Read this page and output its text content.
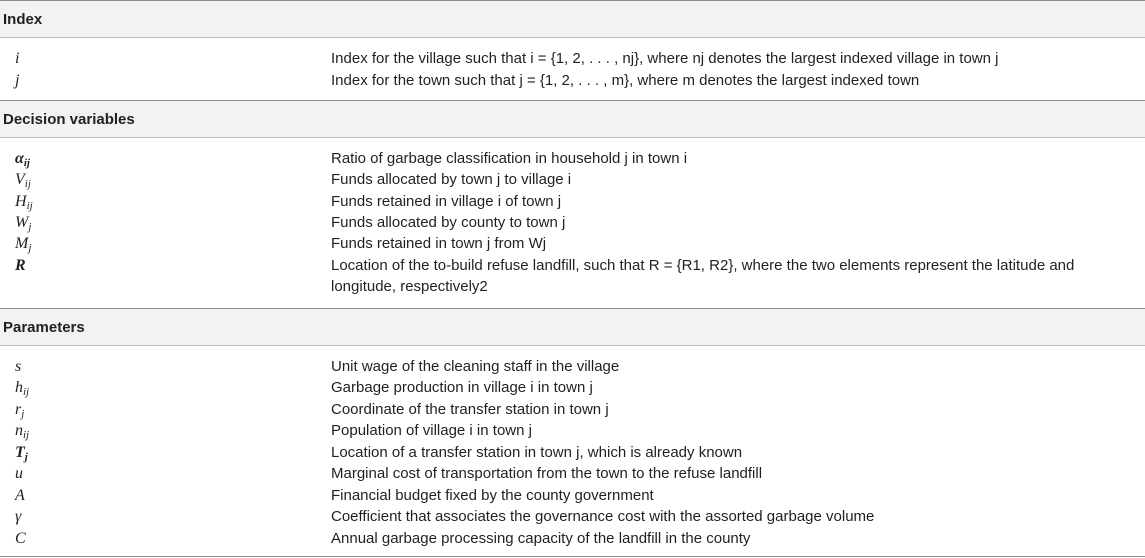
Index
i	Index for the village such that i = {1, 2, . . . , nj}, where nj denotes the largest indexed village in town j
j	Index for the town such that j = {1, 2, . . . , m}, where m denotes the largest indexed town
Decision variables
$\alpha_{ij}$	Ratio of garbage classification in household j in town i
$V_{ij}$	Funds allocated by town j to village i
$H_{ij}$	Funds retained in village i of town j
$W_j$	Funds allocated by county to town j
$M_j$	Funds retained in town j from Wj
R	Location of the to-build refuse landfill, such that R = {R1, R2}, where the two elements represent the latitude and longitude, respectively2
Parameters
s	Unit wage of the cleaning staff in the village
$h_{ij}$	Garbage production in village i in town j
$r_j$	Coordinate of the transfer station in town j
$n_{ij}$	Population of village i in town j
$T_j$	Location of a transfer station in town j, which is already known
u	Marginal cost of transportation from the town to the refuse landfill
A	Financial budget fixed by the county government
γ	Coefficient that associates the governance cost with the assorted garbage volume
C	Annual garbage processing capacity of the landfill in the county
